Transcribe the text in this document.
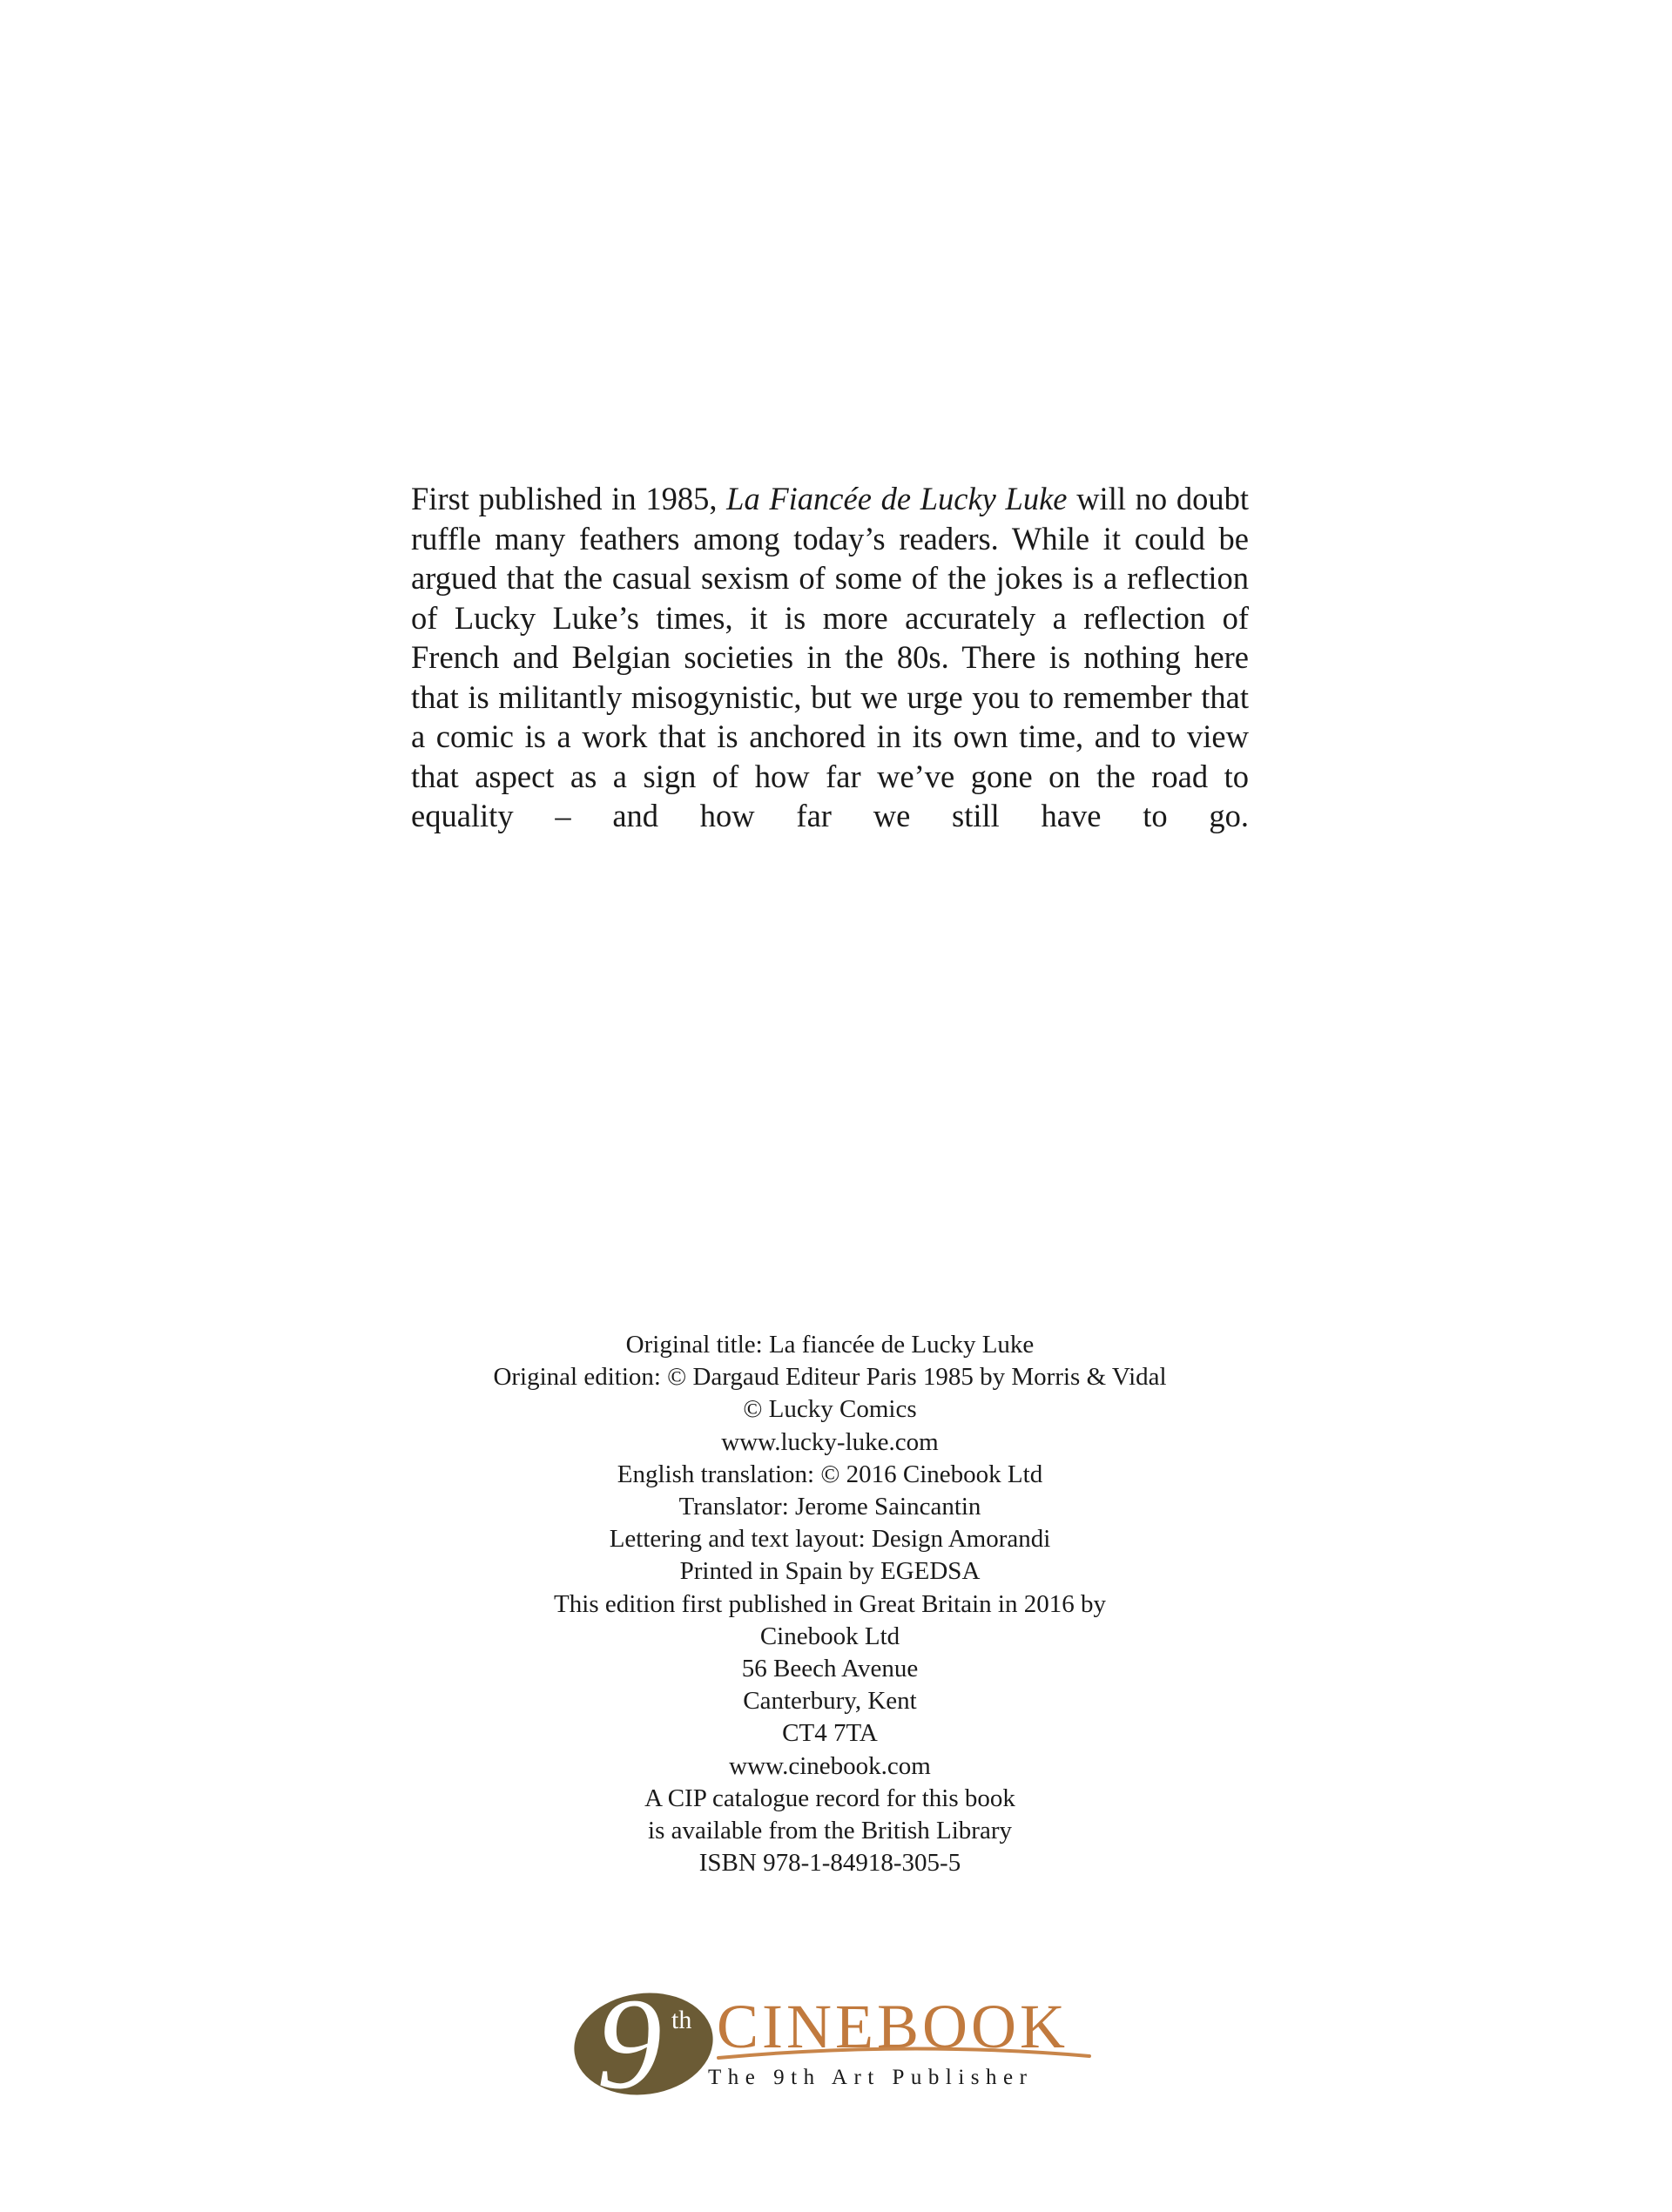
First published in 1985, La Fiancée de Lucky Luke will no doubt ruffle many feathers among today’s readers. While it could be argued that the casual sexism of some of the jokes is a reflection of Lucky Luke’s times, it is more accurately a reflection of French and Belgian societies in the 80s. There is nothing here that is militantly misogynistic, but we urge you to remember that a comic is a work that is anchored in its own time, and to view that aspect as a sign of how far we’ve gone on the road to equality – and how far we still have to go.

Original title: La fiancée de Lucky Luke
Original edition: © Dargaud Editeur Paris 1985 by Morris & Vidal
© Lucky Comics
www.lucky-luke.com
English translation: © 2016 Cinebook Ltd
Translator: Jerome Saincantin
Lettering and text layout: Design Amorandi
Printed in Spain by EGEDSA
This edition first published in Great Britain in 2016 by
Cinebook Ltd
56 Beech Avenue
Canterbury, Kent
CT4 7TA
www.cinebook.com
A CIP catalogue record for this book
is available from the British Library
ISBN 978-1-84918-305-5
9 th CINEBOOK
The 9th Art Publisher
